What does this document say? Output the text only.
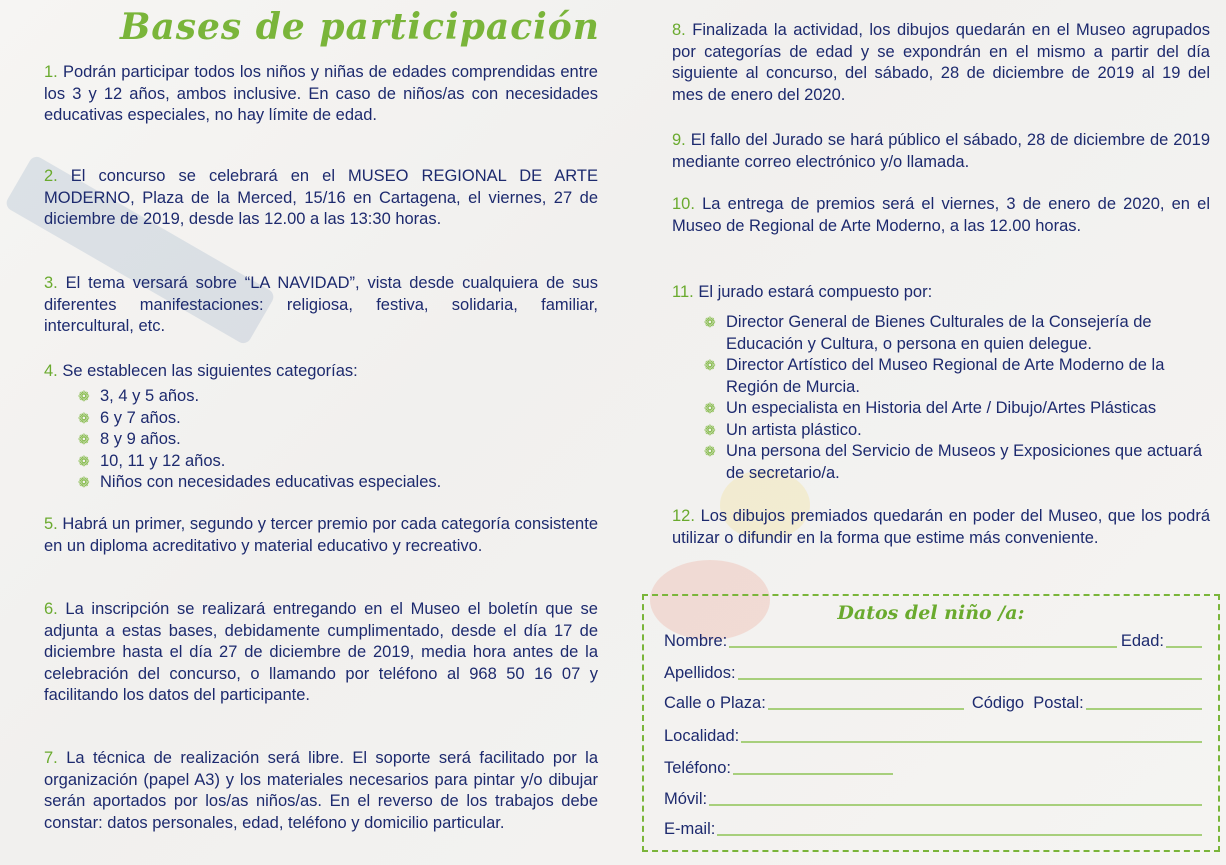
Bases de participación
1. Podrán participar todos los niños y niñas de edades comprendidas entre los 3 y 12 años, ambos inclusive. En caso de niños/as con necesidades educativas especiales, no hay límite de edad.
2. El concurso se celebrará en el MUSEO REGIONAL DE ARTE MODERNO, Plaza de la Merced, 15/16 en Cartagena, el viernes, 27 de diciembre de 2019, desde las 12.00 a las 13:30 horas.
3. El tema versará sobre “LA NAVIDAD”, vista desde cualquiera de sus diferentes manifestaciones: religiosa, festiva, solidaria, familiar, intercultural, etc.
4. Se establecen las siguientes categorías:
❁ 3, 4 y 5 años.
❁ 6 y 7 años.
❁ 8 y 9 años.
❁ 10, 11 y 12 años.
❁ Niños con necesidades educativas especiales.
5. Habrá un primer, segundo y tercer premio por cada categoría consistente en un diploma acreditativo y material educativo y recreativo.
6. La inscripción se realizará entregando en el Museo el boletín que se adjunta a estas bases, debidamente cumplimentado, desde el día 17 de diciembre hasta el día 27 de diciembre de 2019, media hora antes de la celebración del concurso, o llamando por teléfono al 968 50 16 07 y facilitando los datos del participante.
7. La técnica de realización será libre. El soporte será facilitado por la organización (papel A3) y los materiales necesarios para pintar y/o dibujar serán aportados por los/as niños/as. En el reverso de los trabajos debe constar: datos personales, edad, teléfono y domicilio particular.
8. Finalizada la actividad, los dibujos quedarán en el Museo agrupados por categorías de edad y se expondrán en el mismo a partir del día siguiente al concurso, del sábado, 28 de diciembre de 2019 al 19 del mes de enero del 2020.
9. El fallo del Jurado se hará público el sábado, 28 de diciembre de 2019 mediante correo electrónico y/o llamada.
10. La entrega de premios será el viernes, 3 de enero de 2020, en el Museo de Regional de Arte Moderno, a las 12.00 horas.
11. El jurado estará compuesto por:
❁ Director General de Bienes Culturales de la Consejería de Educación y Cultura, o persona en quien delegue.
❁ Director Artístico del Museo Regional de Arte Moderno de la Región de Murcia.
❁ Un especialista en Historia del Arte / Dibujo/Artes Plásticas
❁ Un artista plástico.
❁ Una persona del Servicio de Museos y Exposiciones que actuará de secretario/a.
12. Los dibujos premiados quedarán en poder del Museo, que los podrá utilizar o difundir en la forma que estime más conveniente.
Datos del niño /a:
Nombre:	Edad:
Apellidos:
Calle o Plaza:	Código  Postal:
Localidad:
Teléfono:
Móvil:
E-mail:
